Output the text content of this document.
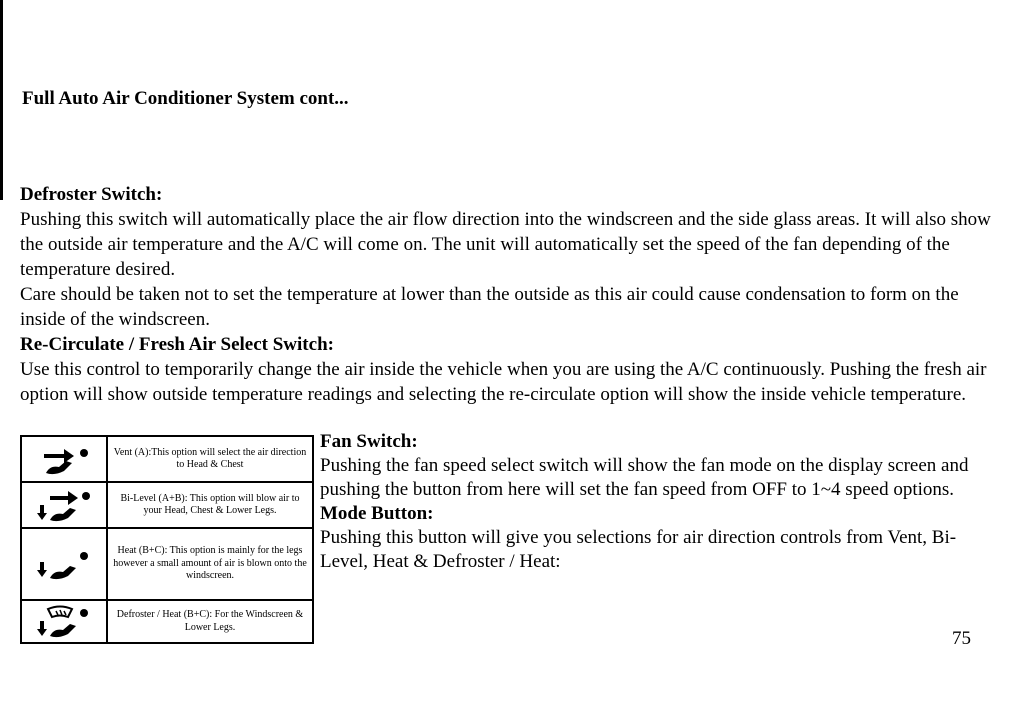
Full Auto Air Conditioner System cont...
Defroster Switch:

Pushing this switch will automatically place the air flow direction into the windscreen and the side glass areas. It will also show the outside air temperature and the A/C will come on. The unit will automatically set the speed of the fan depending of the temperature desired.

Care should be taken not to set the temperature at lower than the outside as this air could cause condensation to form on the inside of the windscreen.

Re-Circulate / Fresh Air Select Switch:

Use this control to temporarily change the air inside the vehicle when you are using the A/C continuously. Pushing the fresh air option will show outside temperature readings and selecting the re-circulate option will show the inside vehicle temperature.

Vent (A):This option will select the air direction to Head & Chest
Bi-Level (A+B): This option will blow air to your Head, Chest & Lower Legs.
Heat (B+C): This option is mainly for the legs however a small amount of air is blown onto the windscreen.
Defroster / Heat (B+C): For the Windscreen & Lower Legs.
Fan Switch:

Pushing the fan speed select switch will show the fan mode on the display screen and pushing the button from here will set the fan speed from OFF to 1~4 speed options.

Mode Button:

Pushing this button will give you selections for air direction controls from Vent, Bi-Level, Heat & Defroster / Heat:

75
